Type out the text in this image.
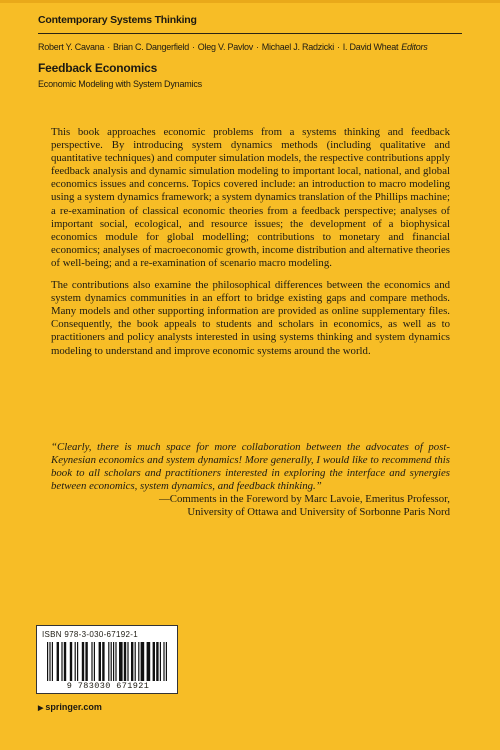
Contemporary Systems Thinking
Robert Y. Cavana · Brian C. Dangerfield · Oleg V. Pavlov · Michael J. Radzicki · I. David Wheat Editors
Feedback Economics
Economic Modeling with System Dynamics

This book approaches economic problems from a systems thinking and feedback perspective. By introducing system dynamics methods (including qualitative and quantitative techniques) and computer simulation models, the respective contributions apply feedback analysis and dynamic simulation modeling to important local, national, and global economics issues and concerns. Topics covered include: an introduction to macro modeling using a system dynamics framework; a system dynamics translation of the Phillips machine; a re-examination of classical economic theories from a feedback perspective; analyses of important social, ecological, and resource issues; the development of a biophysical economics module for global modelling; contributions to monetary and financial economics; analyses of macroeconomic growth, income distribution and alternative theories of well-being; and a re-examination of scenario macro modeling.

The contributions also examine the philosophical differences between the economics and system dynamics communities in an effort to bridge existing gaps and compare methods. Many models and other supporting information are provided as online supplementary files. Consequently, the book appeals to students and scholars in economics, as well as to practitioners and policy analysts interested in using systems thinking and system dynamics modeling to understand and improve economic systems around the world.

“Clearly, there is much space for more collaboration between the advocates of post-Keynesian economics and system dynamics! More generally, I would like to recommend this book to all scholars and practitioners interested in exploring the interface and synergies between economics, system dynamics, and feedback thinking.”

—Comments in the Foreword by Marc Lavoie, Emeritus Professor,

University of Ottawa and University of Sorbonne Paris Nord

ISBN 978-3-030-67192-1
9 783030 671921
▶ springer.com
